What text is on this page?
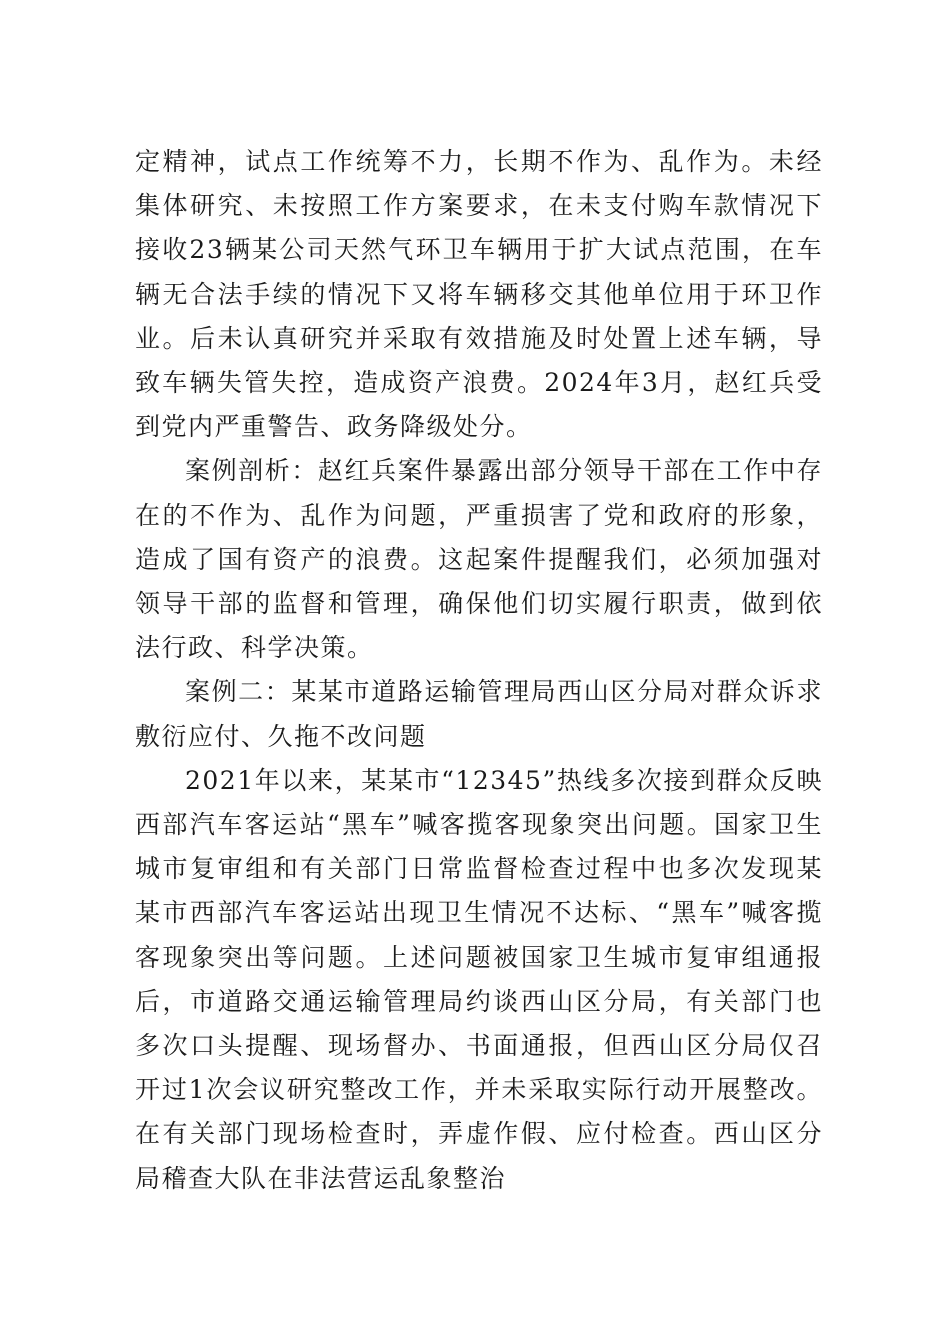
定精神，试点工作统筹不力，长期不作为、乱作为。未经集体研究、未按照工作方案要求，在未支付购车款情况下接收23辆某公司天然气环卫车辆用于扩大试点范围，在车辆无合法手续的情况下又将车辆移交其他单位用于环卫作业。后未认真研究并采取有效措施及时处置上述车辆，导致车辆失管失控，造成资产浪费。2024年3月，赵红兵受到党内严重警告、政务降级处分。

案例剖析：赵红兵案件暴露出部分领导干部在工作中存在的不作为、乱作为问题，严重损害了党和政府的形象，造成了国有资产的浪费。这起案件提醒我们，必须加强对领导干部的监督和管理，确保他们切实履行职责，做到依法行政、科学决策。

案例二：某某市道路运输管理局西山区分局对群众诉求敷衍应付、久拖不改问题

2021年以来，某某市“12345”热线多次接到群众反映西部汽车客运站“黑车”喊客揽客现象突出问题。国家卫生城市复审组和有关部门日常监督检查过程中也多次发现某某市西部汽车客运站出现卫生情况不达标、“黑车”喊客揽客现象突出等问题。上述问题被国家卫生城市复审组通报后，市道路交通运输管理局约谈西山区分局，有关部门也多次口头提醒、现场督办、书面通报，但西山区分局仅召开过1次会议研究整改工作，并未采取实际行动开展整改。在有关部门现场检查时，弄虚作假、应付检查。西山区分局稽查大队在非法营运乱象整治
